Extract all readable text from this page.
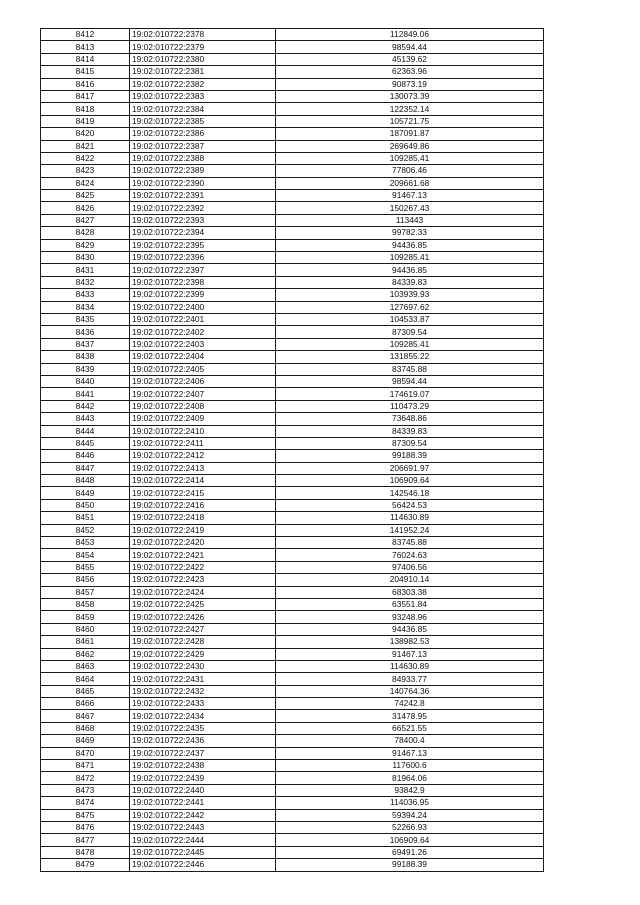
8412	19:02:010722:2378	112849.06
8413	19:02:010722:2379	98594.44
8414	19:02:010722:2380	45139.62
8415	19:02:010722:2381	62363.96
8416	19:02:010722:2382	90873.19
8417	19:02:010722:2383	130073.39
8418	19:02:010722:2384	122352.14
8419	19:02:010722:2385	105721.75
8420	19:02:010722:2386	187091.87
8421	19:02:010722:2387	269649.86
8422	19:02:010722:2388	109285.41
8423	19:02:010722:2389	77806.46
8424	19:02:010722:2390	209661.68
8425	19:02:010722:2391	91467.13
8426	19:02:010722:2392	150267.43
8427	19:02:010722:2393	113443
8428	19:02:010722:2394	99782.33
8429	19:02:010722:2395	94436.85
8430	19:02:010722:2396	109285.41
8431	19:02:010722:2397	94436.85
8432	19:02:010722:2398	84339.83
8433	19:02:010722:2399	103939.93
8434	19:02:010722:2400	127697.62
8435	19:02:010722:2401	104533.87
8436	19:02:010722:2402	87309.54
8437	19:02:010722:2403	109285.41
8438	19:02:010722:2404	131855.22
8439	19:02:010722:2405	83745.88
8440	19:02:010722:2406	98594.44
8441	19:02:010722:2407	174619.07
8442	19:02:010722:2408	110473.29
8443	19:02:010722:2409	73648.86
8444	19:02:010722:2410	84339.83
8445	19:02:010722:2411	87309.54
8446	19:02:010722:2412	99188.39
8447	19:02:010722:2413	206691.97
8448	19:02:010722:2414	106909.64
8449	19:02:010722:2415	142546.18
8450	19:02:010722:2416	56424.53
8451	19:02:010722:2418	114630.89
8452	19:02:010722:2419	141952.24
8453	19:02:010722:2420	83745.88
8454	19:02:010722:2421	76024.63
8455	19:02:010722:2422	97406.56
8456	19:02:010722:2423	204910.14
8457	19:02:010722:2424	68303.38
8458	19:02:010722:2425	63551.84
8459	19:02:010722:2426	93248.96
8460	19:02:010722:2427	94436.85
8461	19:02:010722:2428	138982.53
8462	19:02:010722:2429	91467.13
8463	19:02:010722:2430	114630.89
8464	19:02:010722:2431	84933.77
8465	19:02:010722:2432	140764.36
8466	19:02:010722:2433	74242.8
8467	19:02:010722:2434	31478.95
8468	19:02:010722:2435	66521.55
8469	19:02:010722:2436	78400.4
8470	19:02:010722:2437	91467.13
8471	19:02:010722:2438	117600.6
8472	19:02:010722:2439	81964.06
8473	19:02:010722:2440	93842.9
8474	19:02:010722:2441	114036.95
8475	19:02:010722:2442	59394.24
8476	19:02:010722:2443	52266.93
8477	19:02:010722:2444	106909.64
8478	19:02:010722:2445	69491.26
8479	19:02:010722:2446	99188.39
